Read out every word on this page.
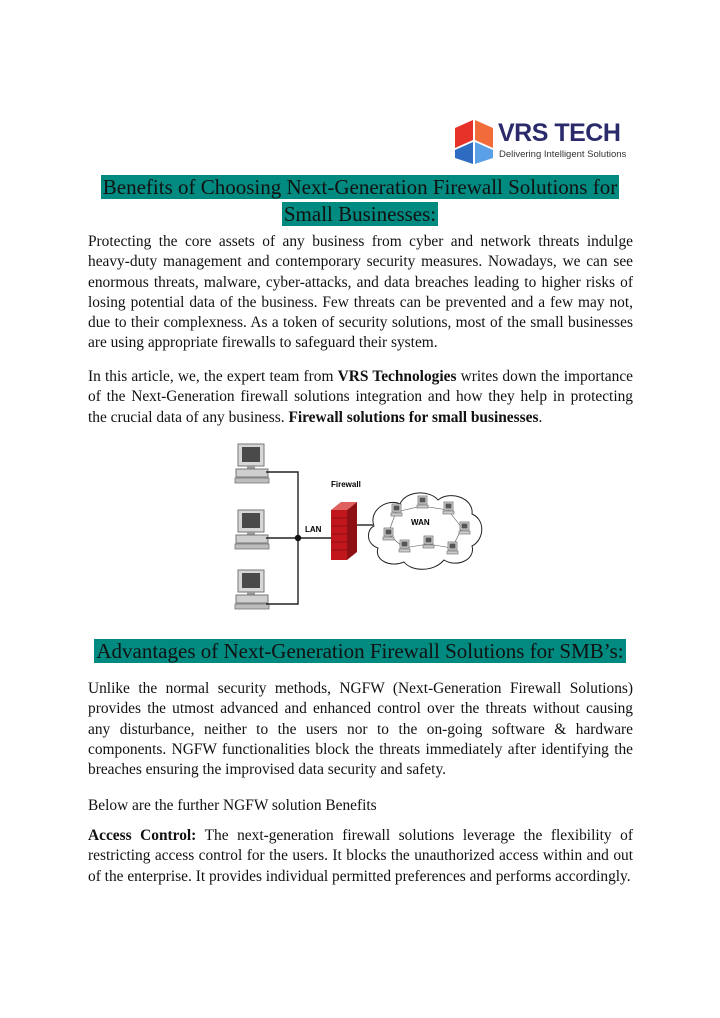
VRS TECH
Delivering Intelligent Solutions
Benefits of Choosing Next-Generation Firewall Solutions for
Small Businesses:
Protecting the core assets of any business from cyber and network threats indulge heavy-duty management and contemporary security measures. Nowadays, we can see enormous threats, malware, cyber-attacks, and data breaches leading to higher risks of losing potential data of the business. Few threats can be prevented and a few may not, due to their complexness. As a token of security solutions, most of the small businesses are using appropriate firewalls to safeguard their system.
In this article, we, the expert team from VRS Technologies writes down the importance of the Next-Generation firewall solutions integration and how they help in protecting the crucial data of any business. Firewall solutions for small businesses.
LAN
Firewall
WAN
Advantages of Next-Generation Firewall Solutions for SMB’s:
Unlike the normal security methods, NGFW (Next-Generation Firewall Solutions) provides the utmost advanced and enhanced control over the threats without causing any disturbance, neither to the users nor to the on-going software & hardware components. NGFW functionalities block the threats immediately after identifying the breaches ensuring the improvised data security and safety.
Below are the further NGFW solution Benefits
Access Control: The next-generation firewall solutions leverage the flexibility of restricting access control for the users. It blocks the unauthorized access within and out of the enterprise. It provides individual permitted preferences and performs accordingly.
